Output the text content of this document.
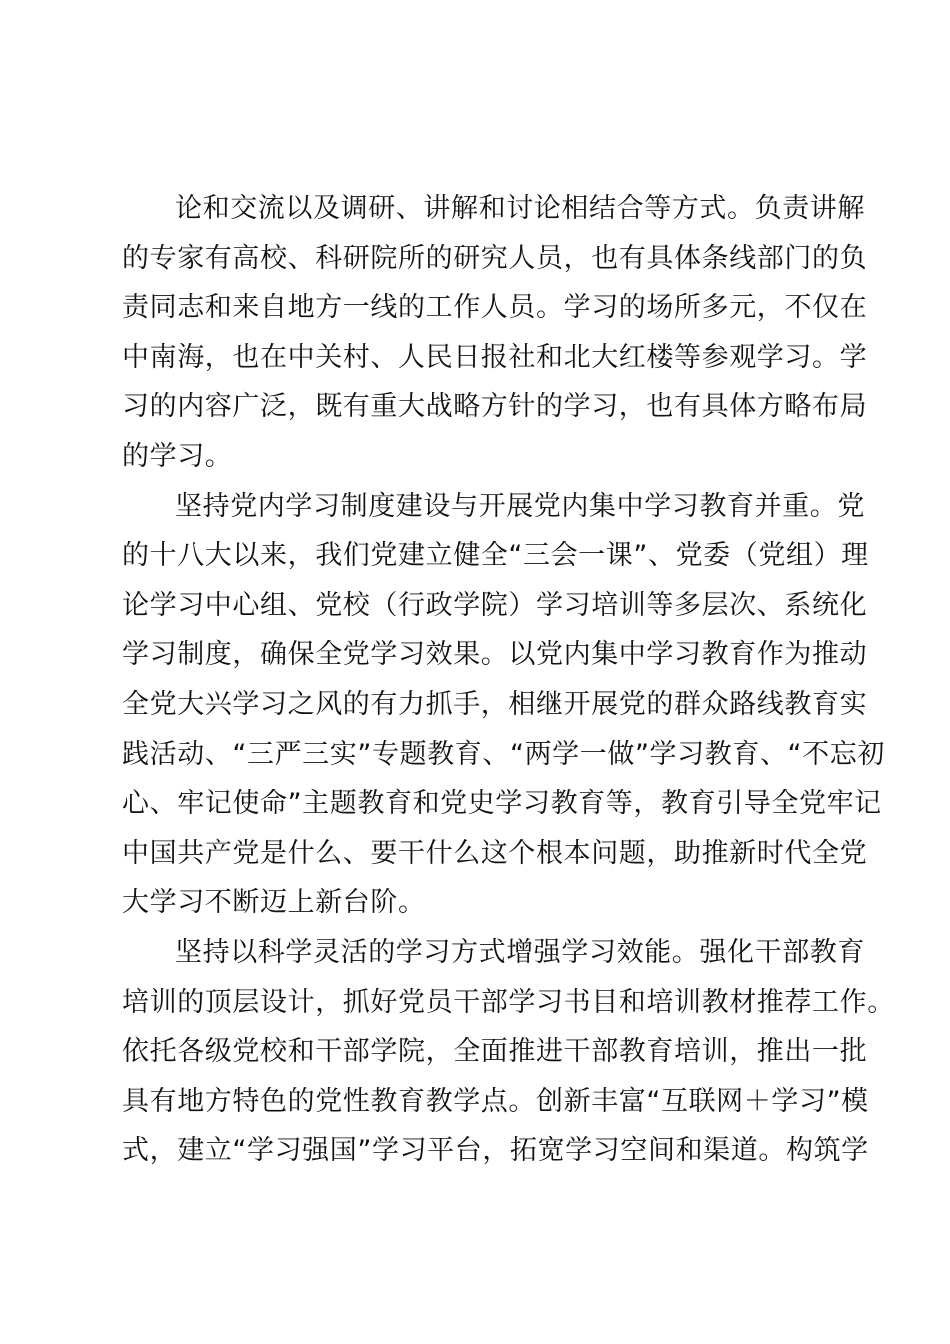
论和交流以及调研、讲解和讨论相结合等方式。负责讲解
的专家有高校、科研院所的研究人员，也有具体条线部门的负
责同志和来自地方一线的工作人员。学习的场所多元，不仅在
中南海，也在中关村、人民日报社和北大红楼等参观学习。学
习的内容广泛，既有重大战略方针的学习，也有具体方略布局
的学习。
坚持党内学习制度建设与开展党内集中学习教育并重。党
的十八大以来，我们党建立健全“三会一课”、党委（党组）理
论学习中心组、党校（行政学院）学习培训等多层次、系统化
学习制度，确保全党学习效果。以党内集中学习教育作为推动
全党大兴学习之风的有力抓手，相继开展党的群众路线教育实
践活动、“三严三实”专题教育、“两学一做”学习教育、“不忘初
心、牢记使命”主题教育和党史学习教育等，教育引导全党牢记
中国共产党是什么、要干什么这个根本问题，助推新时代全党
大学习不断迈上新台阶。
坚持以科学灵活的学习方式增强学习效能。强化干部教育
培训的顶层设计，抓好党员干部学习书目和培训教材推荐工作。
依托各级党校和干部学院，全面推进干部教育培训，推出一批
具有地方特色的党性教育教学点。创新丰富“互联网＋学习”模
式，建立“学习强国”学习平台，拓宽学习空间和渠道。构筑学
